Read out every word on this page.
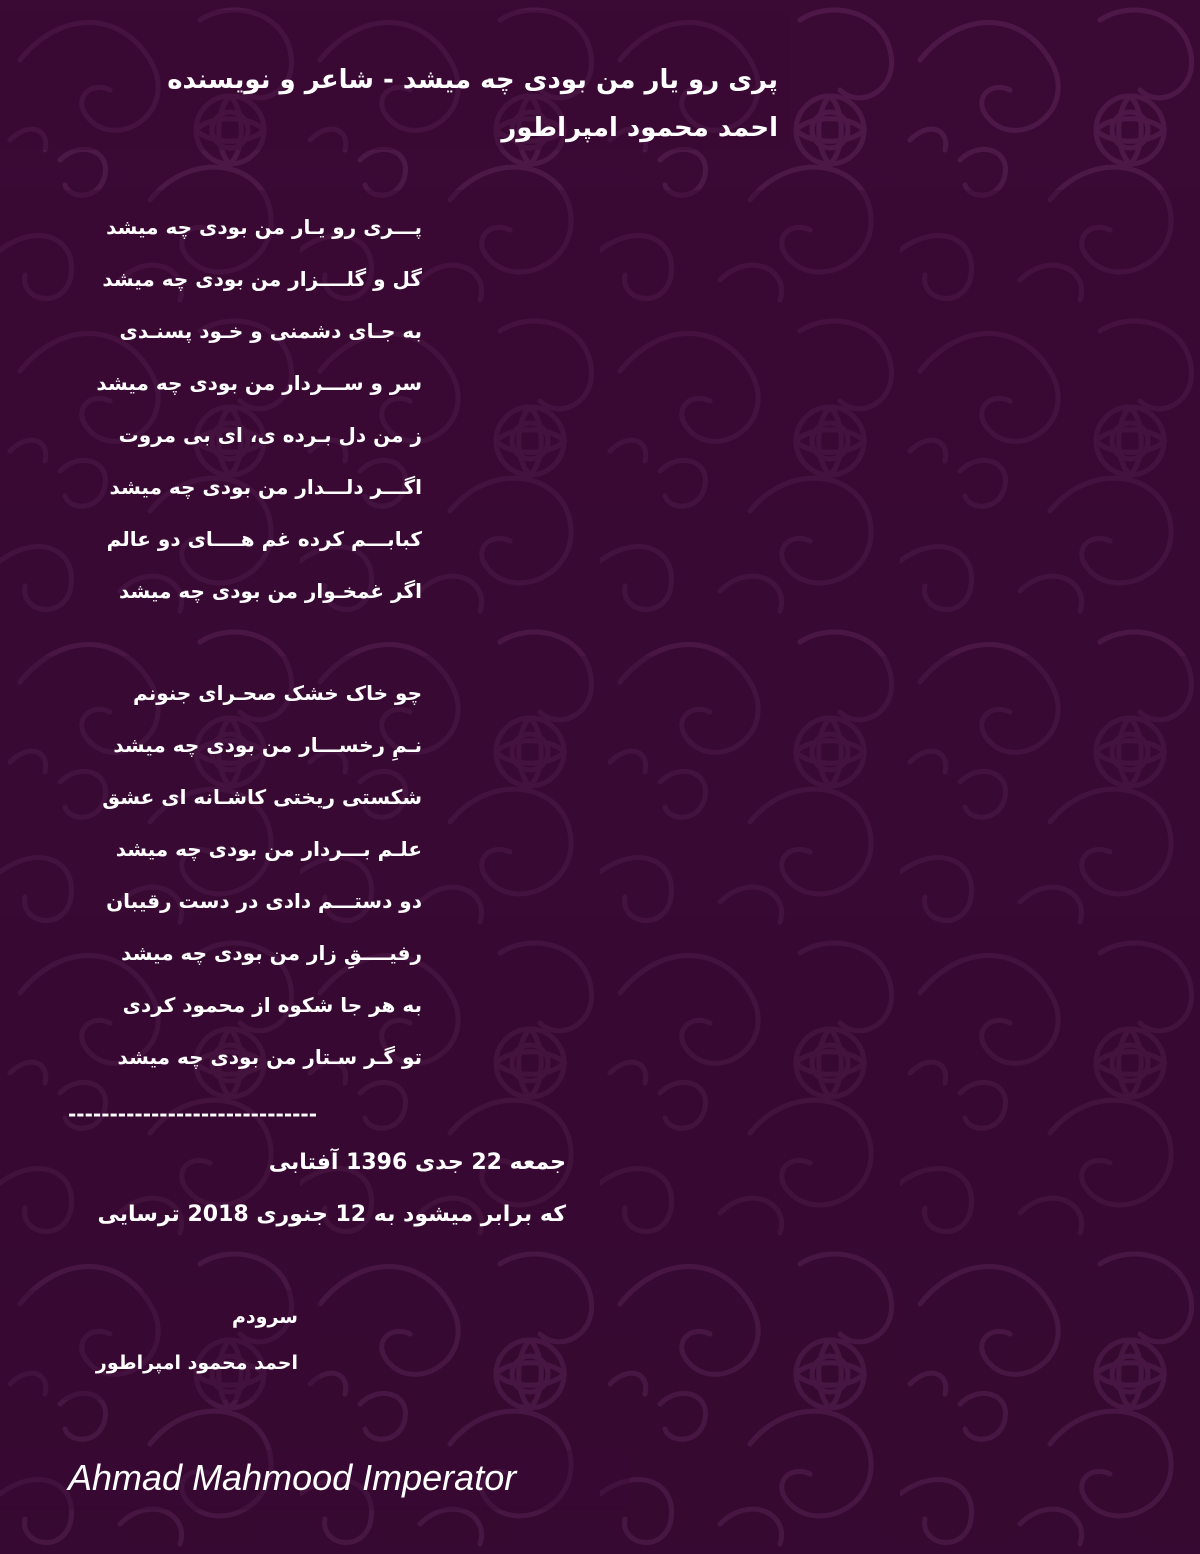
پری رو یار من بودی چه میشد - شاعر و نویسنده
احمد محمود امپراطور
پـــری رو یـار من بودی چه میشد
گل و گلــــزار من بودی چه میشد
به جـای دشمنی و خـود پسنـدی
سر و ســـردار من بودی چه میشد
ز من دل بـرده ی، ای بی مروت
اگـــر دلـــدار من بودی چه میشد
کبابـــم کرده غم هــــای دو عالم
اگر غمخـوار من بودی چه میشد
چو خاک خشک صحـرای جنونم
نـمِ رخســـار من بودی چه میشد
شکستی ریختی کاشـانه ای عشق
علـم بـــردار من بودی چه میشد
دو دستـــم دادی در دست رقیبان
رفیــــقِ زار من بودی چه میشد
به هر جا شکوه از محمود کردی
تو گـر سـتار من بودی چه میشد
------------------------------
جمعه 22 جدی 1396 آفتابی
که برابر میشود به 12 جنوری 2018 ترسایی
سرودم
احمد محمود امپراطور
Ahmad Mahmood Imperator
